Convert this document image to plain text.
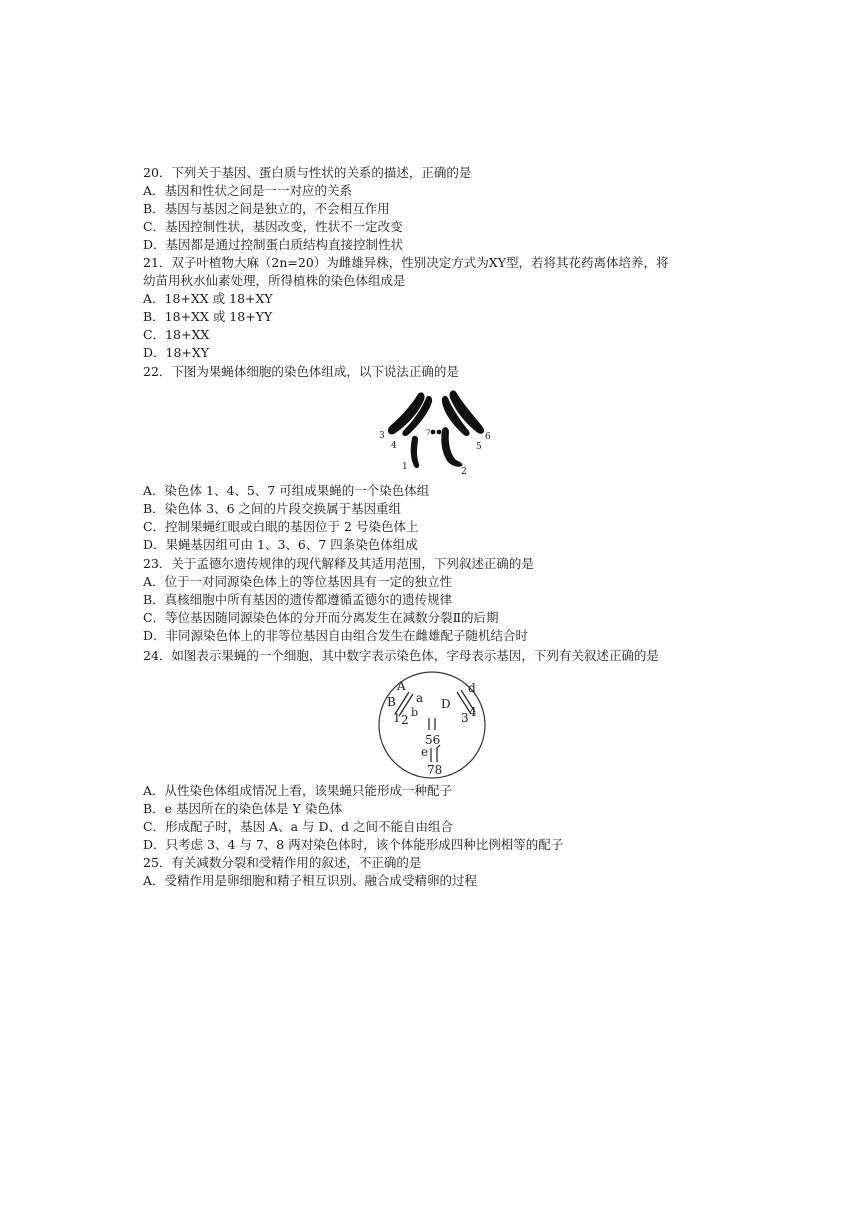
20．下列关于基因、蛋白质与性状的关系的描述，正确的是
A．基因和性状之间是一一对应的关系
B．基因与基因之间是独立的，不会相互作用
C．基因控制性状，基因改变，性状不一定改变
D．基因都是通过控制蛋白质结构直接控制性状
21．双子叶植物大麻（2n=20）为雌雄异株，性别决定方式为XY型，若将其花药离体培养，将
幼苗用秋水仙素处理，所得植株的染色体组成是
A．18+XX 或 18+XY
B．18+XX 或 18+YY
C．18+XX
D．18+XY
22．下图为果蝇体细胞的染色体组成，以下说法正确的是
3
4
1
7 8	6
5
2
A．染色体 1、4、5、7 可组成果蝇的一个染色体组
B．染色体 3、6 之间的片段交换属于基因重组
C．控制果蝇红眼或白眼的基因位于 2 号染色体上
D．果蝇基因组可由 1、3、6、7 四条染色体组成
23．关于孟德尔遗传规律的现代解释及其适用范围，下列叙述正确的是
A．位于一对同源染色体上的等位基因具有一定的独立性
B．真核细胞中所有基因的遗传都遵循孟德尔的遗传规律
C．等位基因随同源染色体的分开而分离发生在减数分裂Ⅱ的后期
D．非同源染色体上的非等位基因自由组合发生在雌雄配子随机结合时
24．如图表示果蝇的一个细胞，其中数字表示染色体，字母表示基因，下列有关叙述正确的是
A
B a
b
1 2
D
d
3 4
56
e
78
A．从性染色体组成情况上看，该果蝇只能形成一种配子
B．e 基因所在的染色体是 Y 染色体
C．形成配子时，基因 A、a 与 D、d 之间不能自由组合
D．只考虑 3、4 与 7、8 两对染色体时，该个体能形成四种比例相等的配子
25．有关减数分裂和受精作用的叙述，不正确的是
A．受精作用是卵细胞和精子相互识别、融合成受精卵的过程
